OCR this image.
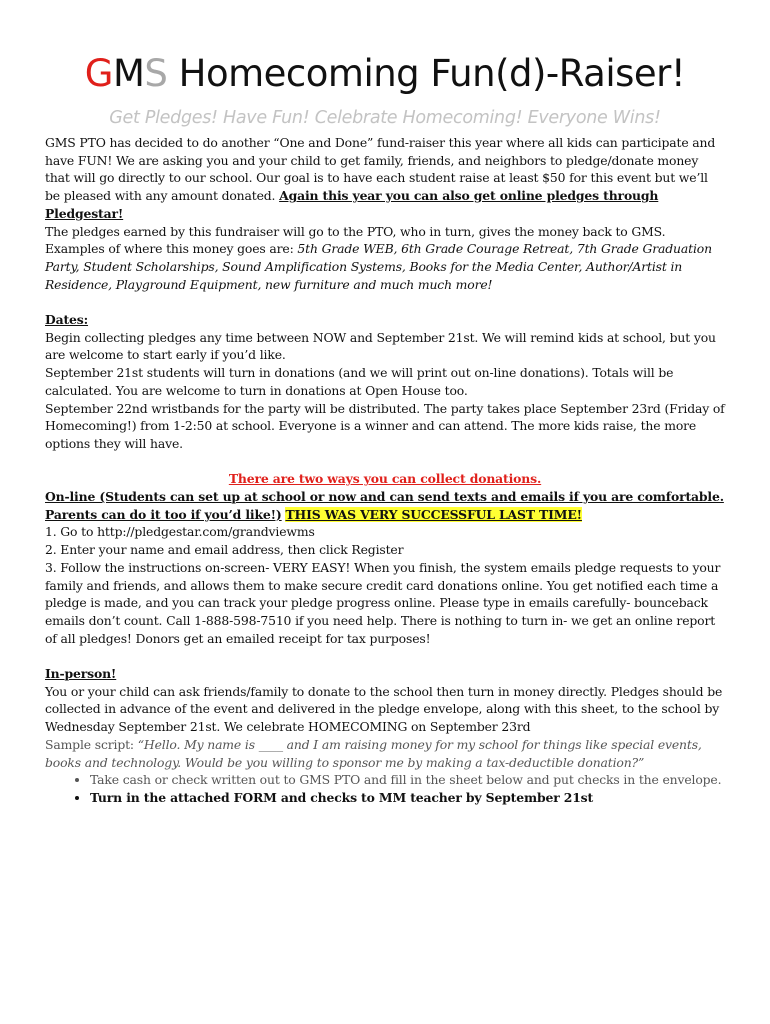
GMS Homecoming Fun(d)-Raiser!
Get Pledges! Have Fun! Celebrate Homecoming! Everyone Wins!

GMS PTO has decided to do another “One and Done” fund-raiser this year where all kids can participate and have FUN! We are asking you and your child to get family, friends, and neighbors to pledge/donate money that will go directly to our school. Our goal is to have each student raise at least $50 for this event but we’ll be pleased with any amount donated. Again this year you can also get online pledges through Pledgestar!

The pledges earned by this fundraiser will go to the PTO, who in turn, gives the money back to GMS. Examples of where this money goes are: 5th Grade WEB, 6th Grade Courage Retreat, 7th Grade Graduation Party, Student Scholarships, Sound Amplification Systems, Books for the Media Center, Author/Artist in Residence, Playground Equipment, new furniture and much much more!

Dates:

Begin collecting pledges any time between NOW and September 21st. We will remind kids at school, but you are welcome to start early if you’d like.

September 21st students will turn in donations (and we will print out on-line donations). Totals will be calculated. You are welcome to turn in donations at Open House too.

September 22nd wristbands for the party will be distributed. The party takes place September 23rd (Friday of Homecoming!) from 1-2:50 at school. Everyone is a winner and can attend. The more kids raise, the more options they will have.

There are two ways you can collect donations.

On-line (Students can set up at school or now and can send texts and emails if you are comfortable. Parents can do it too if you’d like!) THIS WAS VERY SUCCESSFUL LAST TIME!

1. Go to http://pledgestar.com/grandviewms

2. Enter your name and email address, then click Register

3. Follow the instructions on-screen- VERY EASY! When you finish, the system emails pledge requests to your family and friends, and allows them to make secure credit card donations online. You get notified each time a pledge is made, and you can track your pledge progress online. Please type in emails carefully- bounceback emails don’t count. Call 1-888-598-7510 if you need help. There is nothing to turn in- we get an online report of all pledges! Donors get an emailed receipt for tax purposes!

In-person!

You or your child can ask friends/family to donate to the school then turn in money directly. Pledges should be collected in advance of the event and delivered in the pledge envelope, along with this sheet, to the school by Wednesday September 21st. We celebrate HOMECOMING on September 23rd

Sample script: “Hello. My name is ____ and I am raising money for my school for things like special events, books and technology. Would be you willing to sponsor me by making a tax-deductible donation?”

• Take cash or check written out to GMS PTO and fill in the sheet below and put checks in the envelope.
• Turn in the attached FORM and checks to MM teacher by September 21st
